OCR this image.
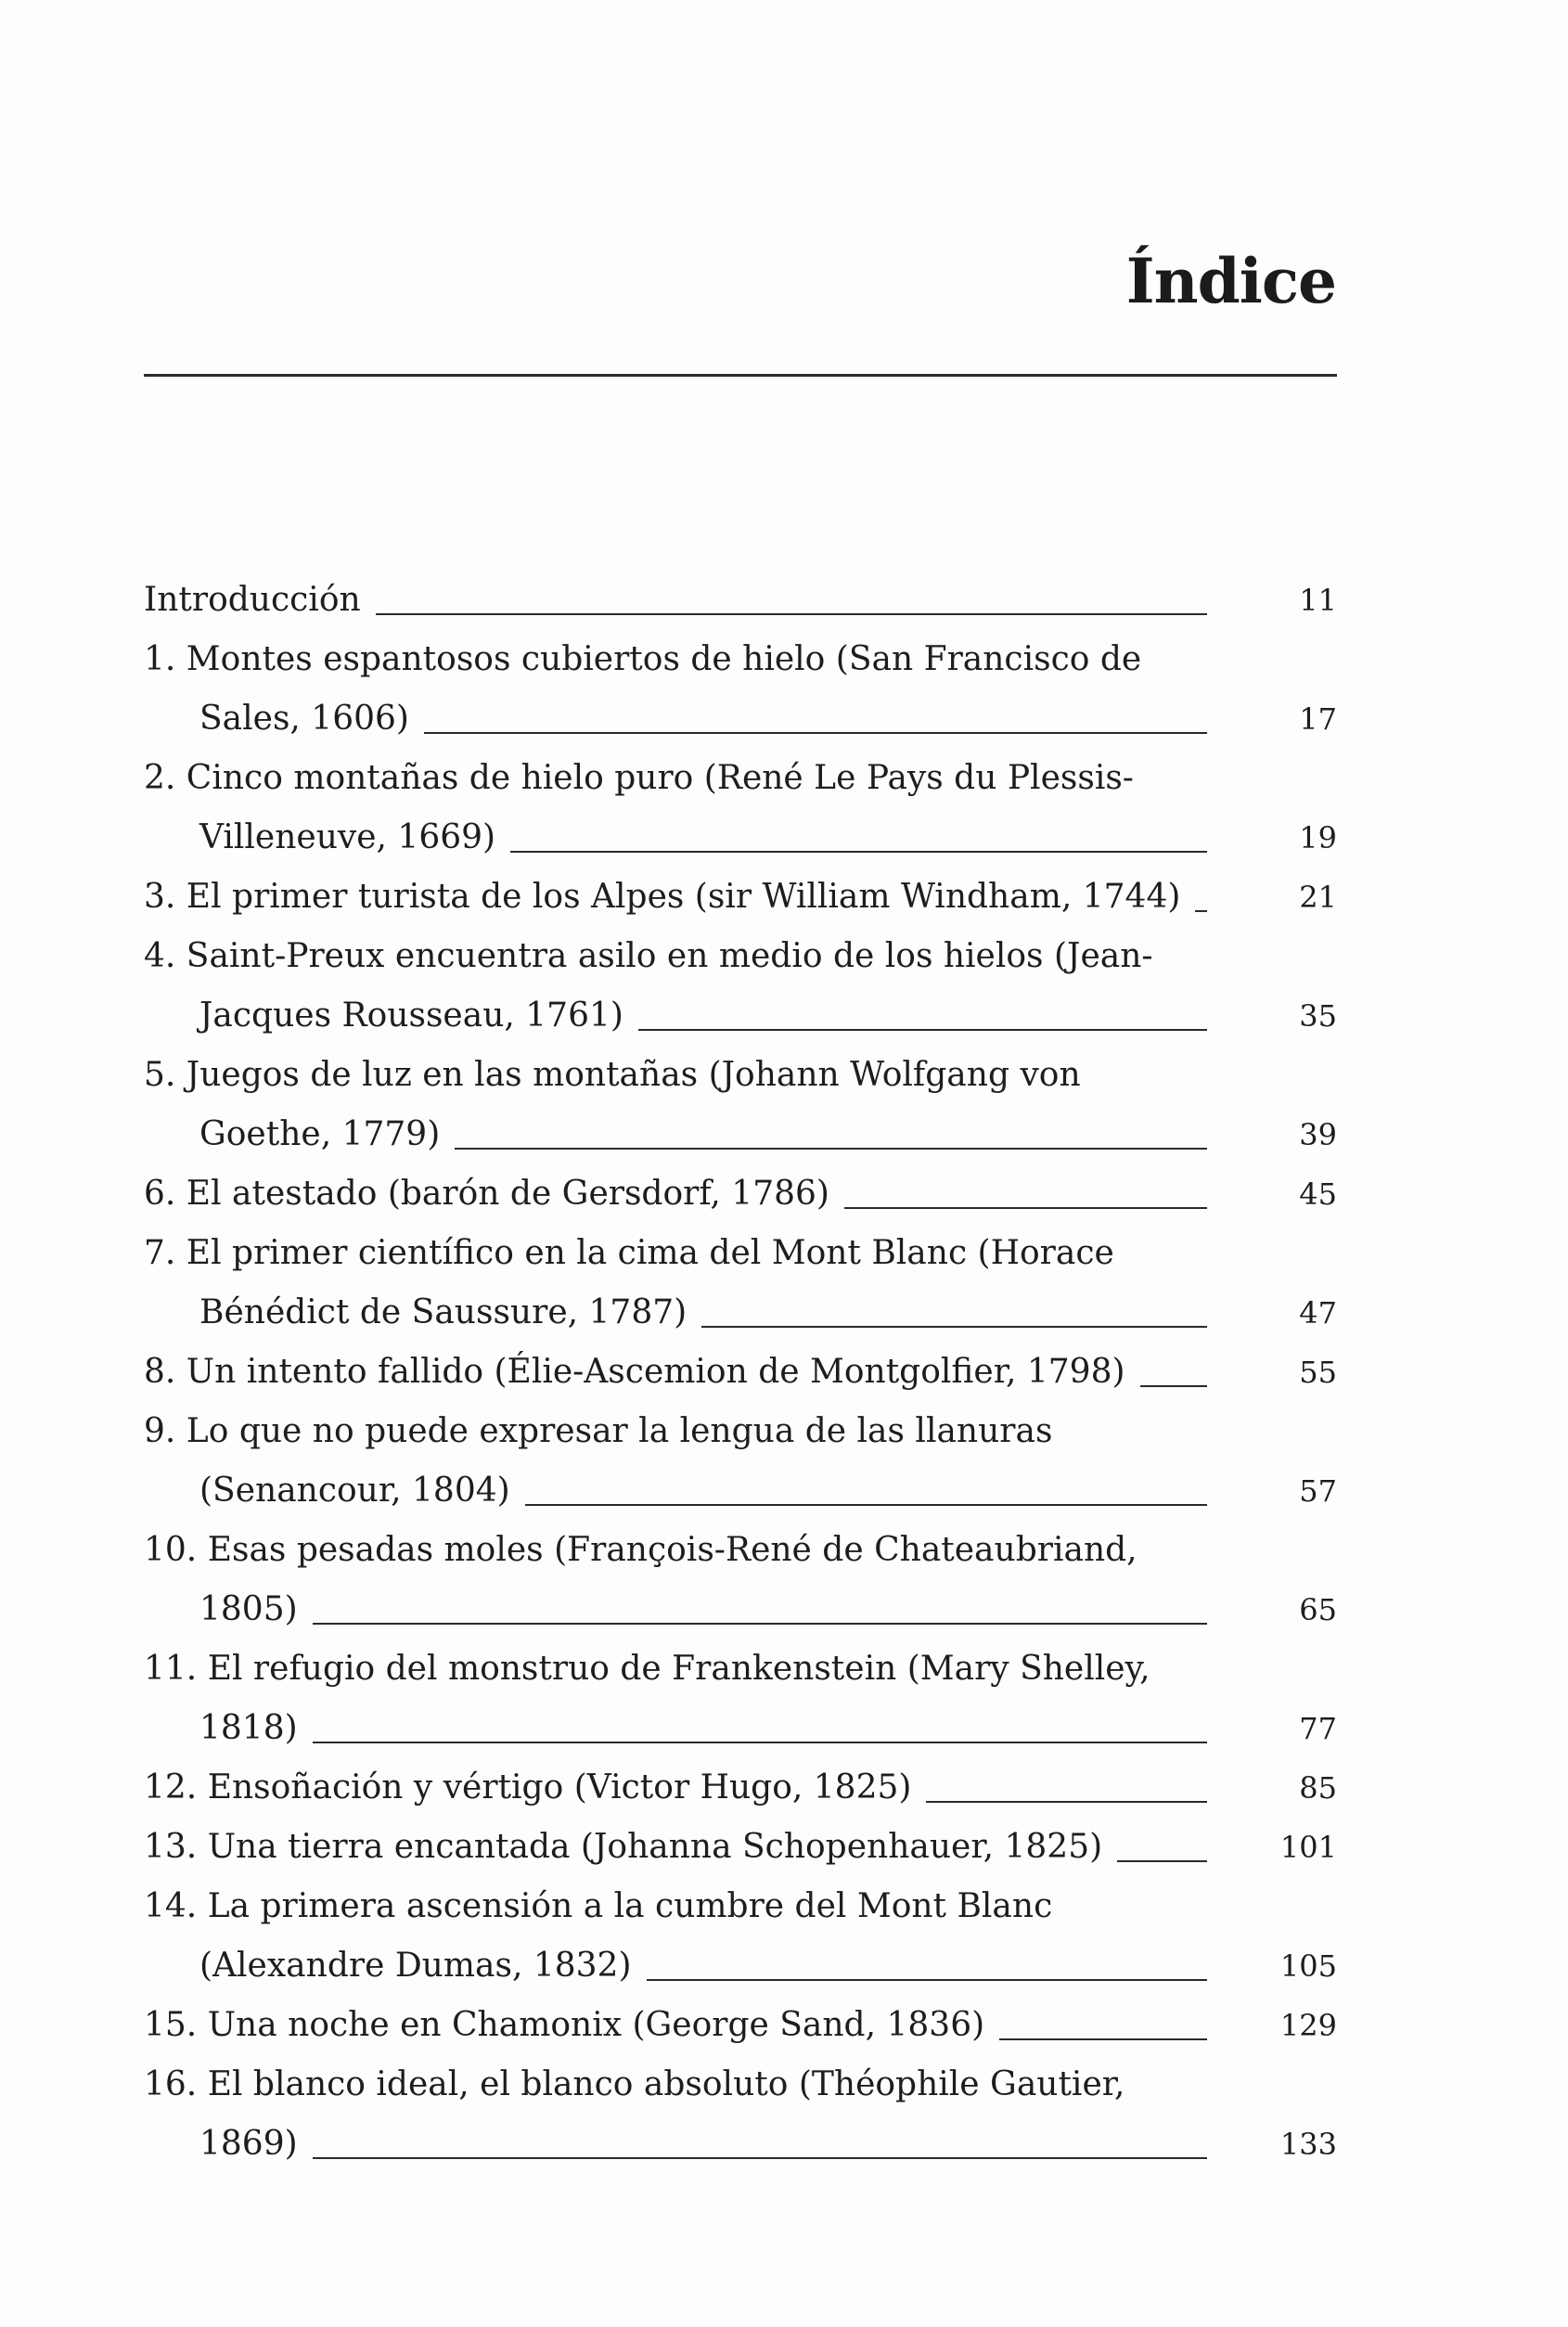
Índice
Introducción	11
1. Montes espantosos cubiertos de hielo (San Francisco de
Sales, 1606)	17
2. Cinco montañas de hielo puro (René Le Pays du Plessis-
Villeneuve, 1669)	19
3. El primer turista de los Alpes (sir William Windham, 1744)	21
4. Saint-Preux encuentra asilo en medio de los hielos (Jean-
Jacques Rousseau, 1761)	35
5. Juegos de luz en las montañas (Johann Wolfgang von
Goethe, 1779)	39
6. El atestado (barón de Gersdorf, 1786)	45
7. El primer científico en la cima del Mont Blanc (Horace
Bénédict de Saussure, 1787)	47
8. Un intento fallido (Élie-Ascemion de Montgolfier, 1798)	55
9. Lo que no puede expresar la lengua de las llanuras
(Senancour, 1804)	57
10. Esas pesadas moles (François-René de Chateaubriand,
1805)	65
11. El refugio del monstruo de Frankenstein (Mary Shelley,
1818)	77
12. Ensoñación y vértigo (Victor Hugo, 1825)	85
13. Una tierra encantada (Johanna Schopenhauer, 1825)	101
14. La primera ascensión a la cumbre del Mont Blanc
(Alexandre Dumas, 1832)	105
15. Una noche en Chamonix (George Sand, 1836)	129
16. El blanco ideal, el blanco absoluto (Théophile Gautier,
1869)	133
